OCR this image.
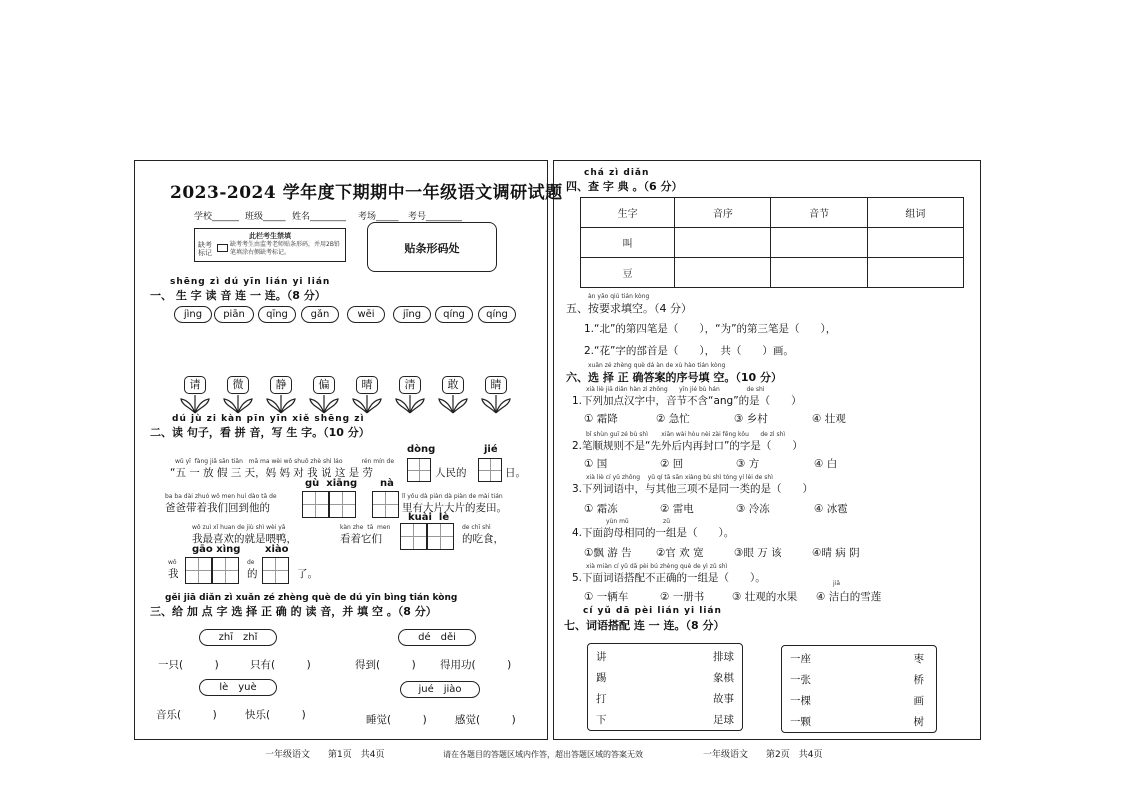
2023-2024 学年度下期期中一年级语文调研试题
学校______ 班级_____ 姓名________ 考场_____ 考号________
此栏考生禁填
缺考
标记
缺考考生由监考老师贴条形码，并用2B铅笔填涂右侧缺考标记。	贴条形码处
shēng zì dú yīn lián yi lián
一、 生 字 读 音 连 一 连。（8 分）
jìng	piān	qīng	gǎn	wēi	jīng	qíng	qíng
请	微	静	偏	晴	清	敢	睛
dú jù zi kàn pīn yīn xiě shēng zì
二、读 句子，看 拼 音，写 生 字。（10 分）
dòng	jié
wǔ yī  fàng jiǎ sān tiān   mā ma wèi wǒ shuō zhè shì láo          rén mín de
“五 一 放 假 三 天，妈 妈 对 我 说 这 是 劳	人民的	日。
gù  xiāng nà
ba ba dài zhuó wǒ men huí dào tā de
爸爸带着我们回到他的
lǐ yǒu dà piàn dà piàn de mài tián
里有大片大片的麦田。
kuài  lè
wǒ zuì xǐ huan de jiù shì wèi yā
我最喜欢的就是喂鸭，
kàn zhe  tā  men
看着它们
de chī shì
的吃食，
gāo xìng xiào
wǒ
我
de
的	了。
gěi jiā diǎn zì xuǎn zé zhèng què de dú yīn bìng tián kòng
三、给 加 点 字 选 择 正 确 的 读 音，并 填 空 。（8 分）
zhī　zhǐ	dé　děi
一只(　　　)	只有(　　　)	得到(　　　) 得用功(　　　)
lè　yuè	jué　jiào
音乐(　　　)	快乐(　　　)	睡觉(　　　)	感觉(　　　)
chá zì diǎn
四、查 字 典 。（6 分）
生字	音序	音节	组词
叫			
豆			
àn yāo qiú tián kòng
五、按要求填空。（4 分）
1.“北”的第四笔是（　　），“为”的第三笔是（　　），
2.“花”字的部首是（　　），　共（　　）画。
xuǎn zé zhèng què dá àn de xù hào tián kòng
六、选 择 正 确答案的序号填 空。（10 分）
xià liè jiā diǎn hàn zì zhōng      yīn jié bù hán              de shì
1.下列加点汉字中，音节不含“ang”的是（　　）
① 霜降	② 急忙	③ 乡村	④ 壮观
bǐ shùn guī zé bù shì       xiān wài hòu nèi zài fēng kǒu      de zì shì
2.笔顺规则不是“先外后内再封口”的字是（　　）
① 国	② 回	③ 方	④ 白
xià liè cí yǔ zhōng    yǔ qí tā sān xiàng bù shì tóng yí lèi de shì
3.下列词语中，与其他三项不是同一类的是（　　）
① 霜冻	② 雷电	③ 冷冻	④ 冰雹
yùn mǔ                  zǔ
4.下面韵母相同的一组是（　　）。
①飘 游 告 ②官 欢 宽	③眼 万 该	④晴 病 阴
xià miàn cí yǔ dā pèi bú zhèng què de yì zǔ shì
5.下面词语搭配不正确的一组是（　　）。	jiā
① 一辆车	② 一册书	③ 壮观的水果 ④ 洁白的雪莲
cí yǔ dā pèi lián yi lián
七、词语搭配 连 一 连。（8 分）
讲
踢
打
下
排球
象棋
故事
足球
一座
一张
一棵
一颗
枣
桥
画
树
一年级语文　　第1页　共4页	请在各题目的答题区域内作答，超出答题区域的答案无效	一年级语文　　第2页　共4页
